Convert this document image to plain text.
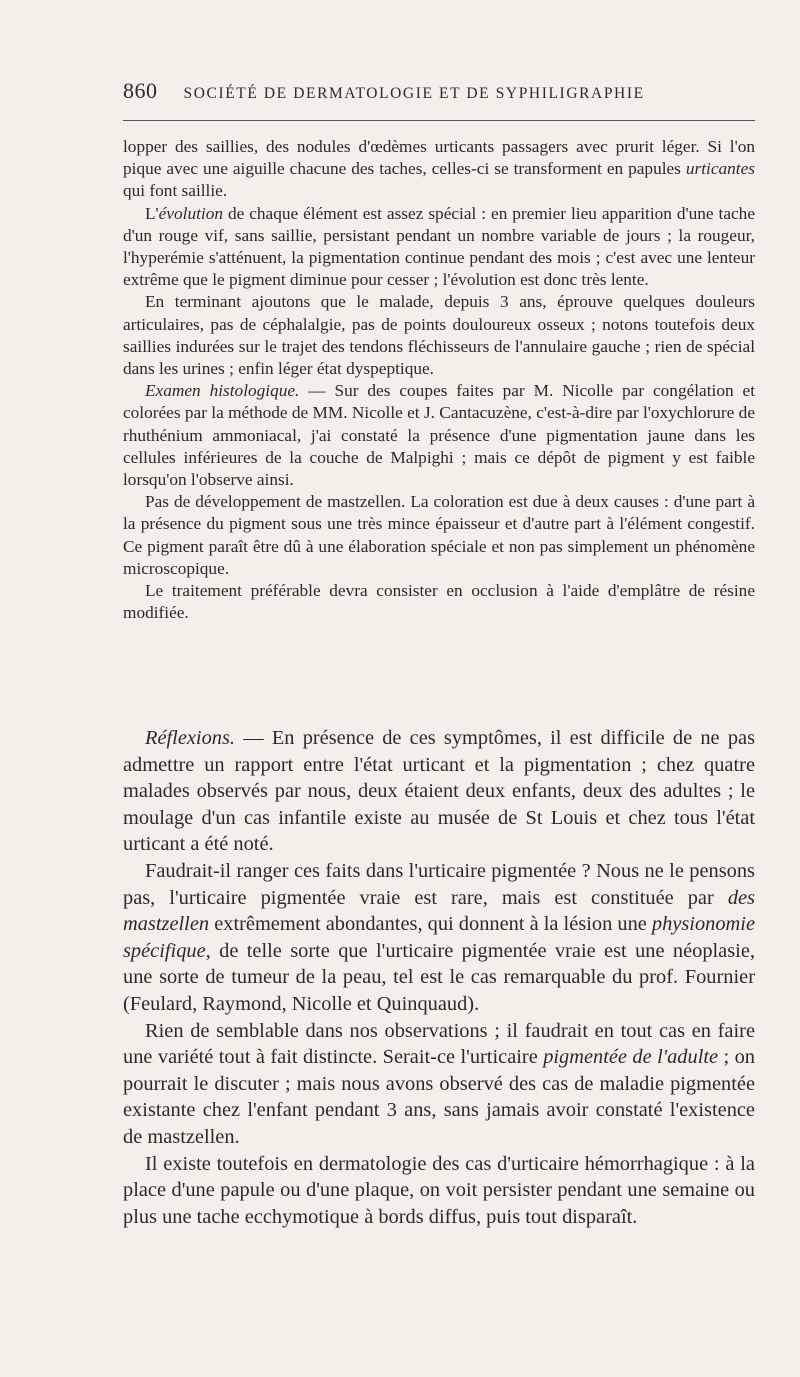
860 SOCIÉTÉ DE DERMATOLOGIE ET DE SYPHILIGRAPHIE

lopper des saillies, des nodules d'œdèmes urticants passagers avec prurit léger. Si l'on pique avec une aiguille chacune des taches, celles-ci se transforment en papules urticantes qui font saillie.

L'évolution de chaque élément est assez spécial : en premier lieu apparition d'une tache d'un rouge vif, sans saillie, persistant pendant un nombre variable de jours ; la rougeur, l'hyperémie s'atténuent, la pigmentation continue pendant des mois ; c'est avec une lenteur extrême que le pigment diminue pour cesser ; l'évolution est donc très lente.

En terminant ajoutons que le malade, depuis 3 ans, éprouve quelques douleurs articulaires, pas de céphalalgie, pas de points douloureux osseux ; notons toutefois deux saillies indurées sur le trajet des tendons fléchisseurs de l'annulaire gauche ; rien de spécial dans les urines ; enfin léger état dyspeptique.

Examen histologique. — Sur des coupes faites par M. Nicolle par congélation et colorées par la méthode de MM. Nicolle et J. Cantacuzène, c'est-à-dire par l'oxychlorure de rhuthénium ammoniacal, j'ai constaté la présence d'une pigmentation jaune dans les cellules inférieures de la couche de Malpighi ; mais ce dépôt de pigment y est faible lorsqu'on l'observe ainsi.

Pas de développement de mastzellen. La coloration est due à deux causes : d'une part à la présence du pigment sous une très mince épaisseur et d'autre part à l'élément congestif. Ce pigment paraît être dû à une élaboration spéciale et non pas simplement un phénomène microscopique.

Le traitement préférable devra consister en occlusion à l'aide d'emplâtre de résine modifiée.

Réflexions. — En présence de ces symptômes, il est difficile de ne pas admettre un rapport entre l'état urticant et la pigmentation ; chez quatre malades observés par nous, deux étaient deux enfants, deux des adultes ; le moulage d'un cas infantile existe au musée de St Louis et chez tous l'état urticant a été noté.

Faudrait-il ranger ces faits dans l'urticaire pigmentée ? Nous ne le pensons pas, l'urticaire pigmentée vraie est rare, mais est constituée par des mastzellen extrêmement abondantes, qui donnent à la lésion une physionomie spécifique, de telle sorte que l'urticaire pigmentée vraie est une néoplasie, une sorte de tumeur de la peau, tel est le cas remarquable du prof. Fournier (Feulard, Raymond, Nicolle et Quinquaud).

Rien de semblable dans nos observations ; il faudrait en tout cas en faire une variété tout à fait distincte. Serait-ce l'urticaire pigmentée de l'adulte ; on pourrait le discuter ; mais nous avons observé des cas de maladie pigmentée existante chez l'enfant pendant 3 ans, sans jamais avoir constaté l'existence de mastzellen.

Il existe toutefois en dermatologie des cas d'urticaire hémorrhagique : à la place d'une papule ou d'une plaque, on voit persister pendant une semaine ou plus une tache ecchymotique à bords diffus, puis tout disparaît.
